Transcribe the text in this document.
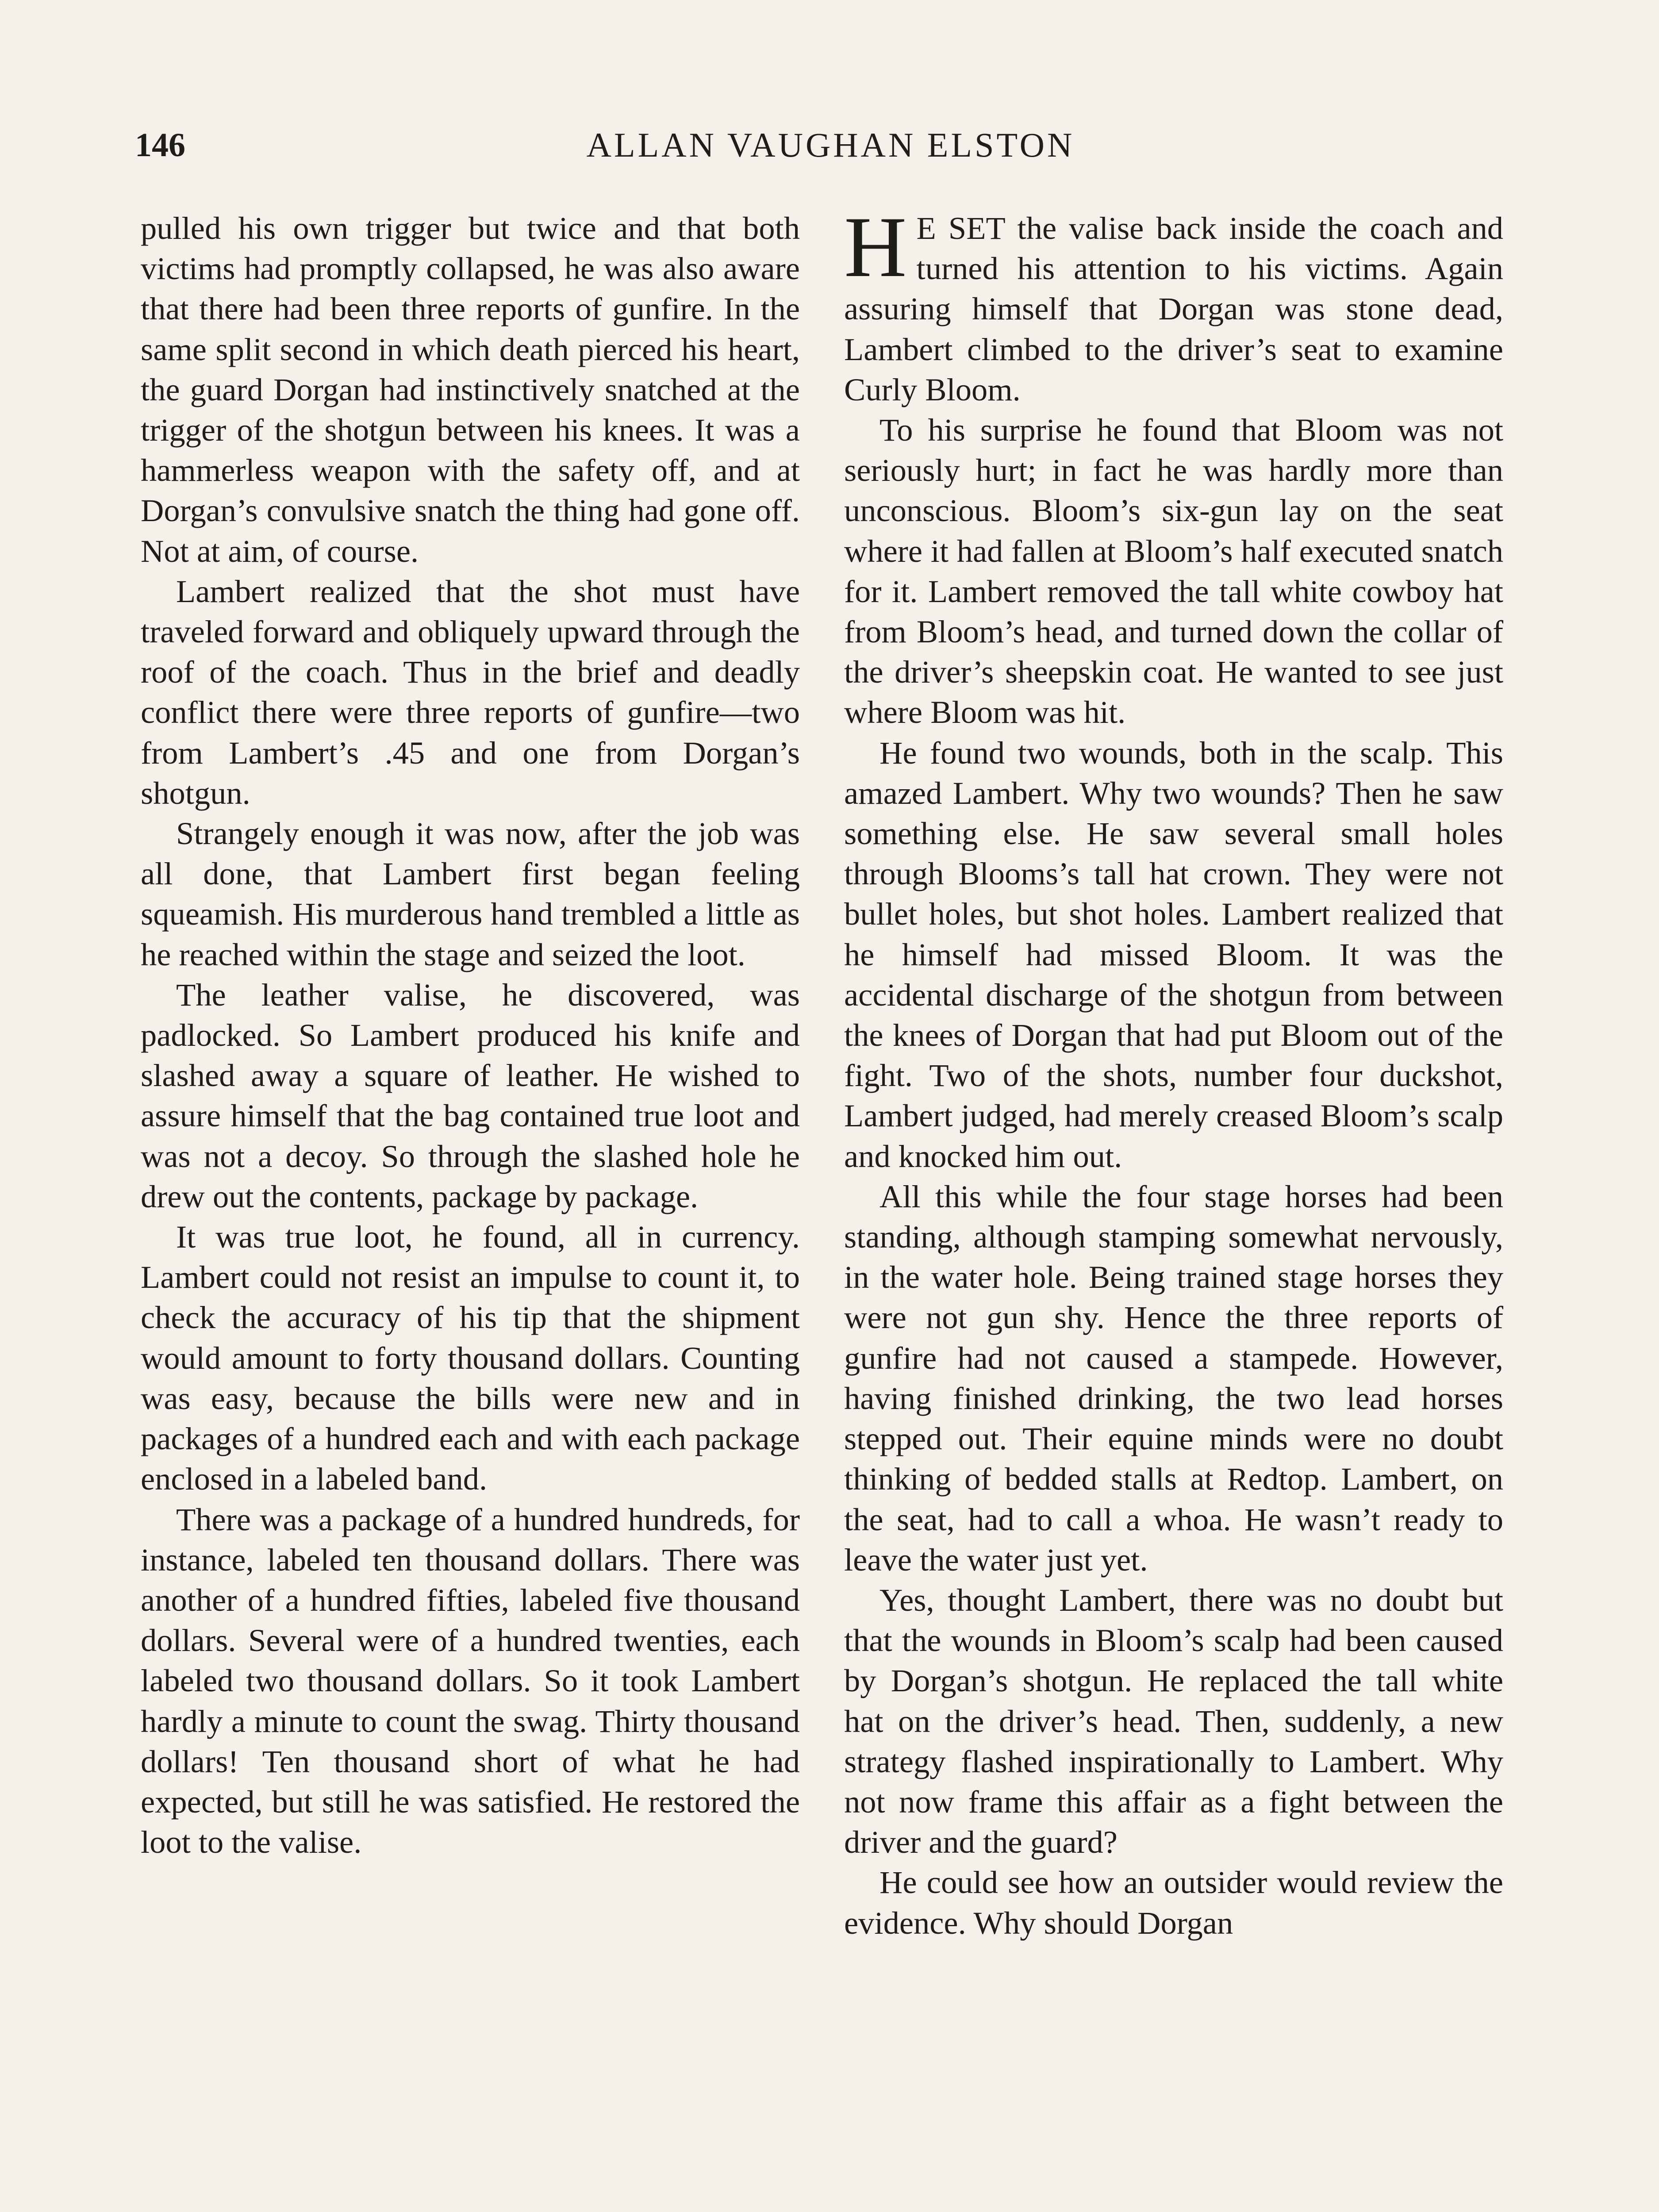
146	ALLAN VAUGHAN ELSTON

pulled his own trigger but twice and that both victims had promptly collapsed, he was also aware that there had been three reports of gunfire. In the same split second in which death pierced his heart, the guard Dorgan had instinctively snatched at the trigger of the shotgun between his knees. It was a hammerless weapon with the safety off, and at Dorgan’s convulsive snatch the thing had gone off. Not at aim, of course.

Lambert realized that the shot must have traveled forward and obliquely upward through the roof of the coach. Thus in the brief and deadly conflict there were three reports of gunfire—two from Lambert’s .45 and one from Dorgan’s shotgun.

Strangely enough it was now, after the job was all done, that Lambert first began feeling squeamish. His murderous hand trembled a little as he reached within the stage and seized the loot.

The leather valise, he discovered, was padlocked. So Lambert produced his knife and slashed away a square of leather. He wished to assure himself that the bag contained true loot and was not a decoy. So through the slashed hole he drew out the contents, package by package.

It was true loot, he found, all in currency. Lambert could not resist an impulse to count it, to check the accuracy of his tip that the shipment would amount to forty thousand dollars. Counting was easy, because the bills were new and in packages of a hundred each and with each package enclosed in a labeled band.

There was a package of a hundred hundreds, for instance, labeled ten thousand dollars. There was another of a hundred fifties, labeled five thousand dollars. Several were of a hundred twenties, each labeled two thousand dollars. So it took Lambert hardly a minute to count the swag. Thirty thousand dollars! Ten thousand short of what he had expected, but still he was satisfied. He restored the loot to the valise.

H E SET the valise back inside the coach and turned his attention to his victims. Again assuring himself that Dorgan was stone dead, Lambert climbed to the driver’s seat to examine Curly Bloom.

To his surprise he found that Bloom was not seriously hurt; in fact he was hardly more than unconscious. Bloom’s six-gun lay on the seat where it had fallen at Bloom’s half executed snatch for it. Lambert removed the tall white cowboy hat from Bloom’s head, and turned down the collar of the driver’s sheepskin coat. He wanted to see just where Bloom was hit.

He found two wounds, both in the scalp. This amazed Lambert. Why two wounds? Then he saw something else. He saw several small holes through Blooms’s tall hat crown. They were not bullet holes, but shot holes. Lambert realized that he himself had missed Bloom. It was the accidental discharge of the shotgun from between the knees of Dorgan that had put Bloom out of the fight. Two of the shots, number four duckshot, Lambert judged, had merely creased Bloom’s scalp and knocked him out.

All this while the four stage horses had been standing, although stamping somewhat nervously, in the water hole. Being trained stage horses they were not gun shy. Hence the three reports of gunfire had not caused a stampede. However, having finished drinking, the two lead horses stepped out. Their equine minds were no doubt thinking of bedded stalls at Redtop. Lambert, on the seat, had to call a whoa. He wasn’t ready to leave the water just yet.

Yes, thought Lambert, there was no doubt but that the wounds in Bloom’s scalp had been caused by Dorgan’s shotgun. He replaced the tall white hat on the driver’s head. Then, suddenly, a new strategy flashed inspirationally to Lambert. Why not now frame this affair as a fight between the driver and the guard?

He could see how an outsider would review the evidence. Why should Dorgan
